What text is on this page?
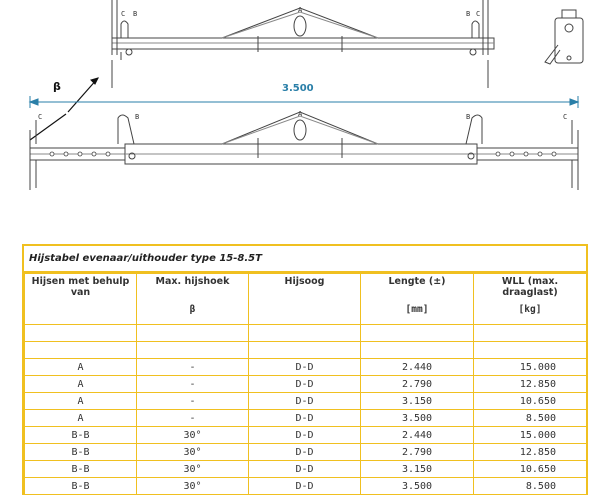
A
C B	B C
A
C	B	B	C
β	3.500
Hijstabel evenaar/uithouder type 15-8.5T
Hijsen met behulp van	Max. hijshoek	Hijsoog	Lengte (±)	WLL (max. draaglast)
	β		[mm]	[kg]

A	-	D-D	2.440	15.000
A	-	D-D	2.790	12.850
A	-	D-D	3.150	10.650
A	-	D-D	3.500	8.500
B-B	30°	D-D	2.440	15.000
B-B	30°	D-D	2.790	12.850
B-B	30°	D-D	3.150	10.650
B-B	30°	D-D	3.500	8.500
